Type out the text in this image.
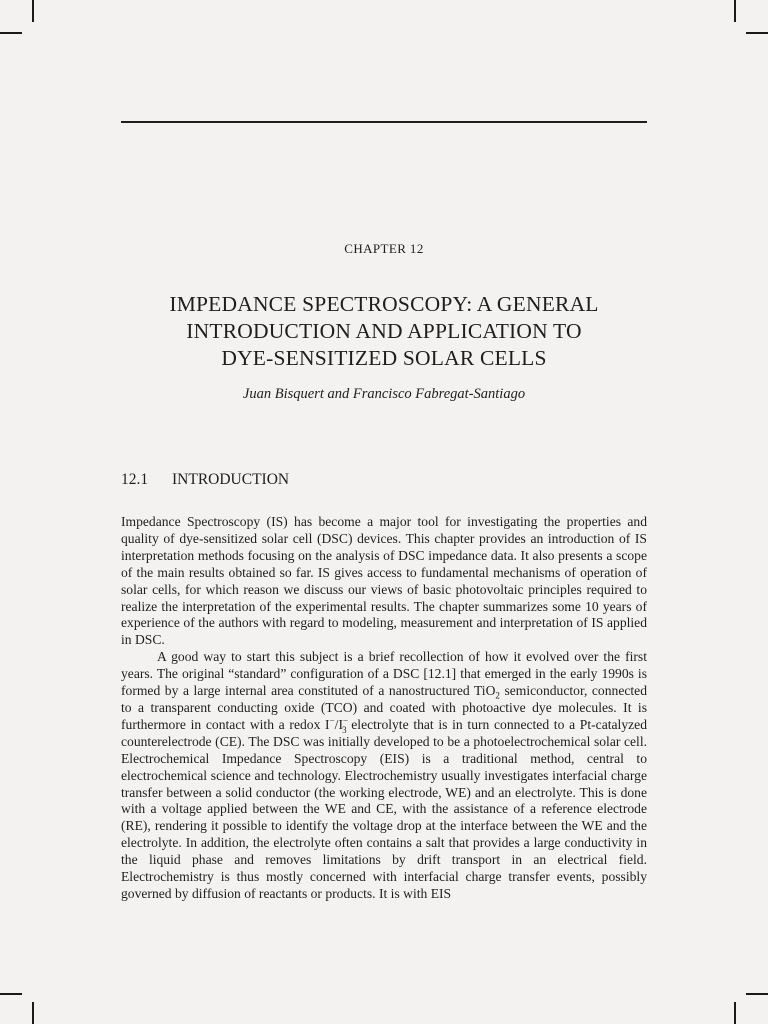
CHAPTER 12
IMPEDANCE SPECTROSCOPY: A GENERAL
INTRODUCTION AND APPLICATION TO
DYE-SENSITIZED SOLAR CELLS
Juan Bisquert and Francisco Fabregat-Santiago
12.1 INTRODUCTION

Impedance Spectroscopy (IS) has become a major tool for investigating the properties and quality of dye-sensitized solar cell (DSC) devices. This chapter provides an introduction of IS interpretation methods focusing on the analysis of DSC impedance data. It also presents a scope of the main results obtained so far. IS gives access to fundamental mechanisms of operation of solar cells, for which reason we discuss our views of basic photovoltaic principles required to realize the interpretation of the experimental results. The chapter summarizes some 10 years of experience of the authors with regard to modeling, measurement and interpretation of IS applied in DSC.

A good way to start this subject is a brief recollection of how it evolved over the first years. The original “standard” configuration of a DSC [12.1] that emerged in the early 1990s is formed by a large internal area constituted of a nanostructured TiO$_2$ semiconductor, connected to a transparent conducting oxide (TCO) and coated with photoactive dye molecules. It is furthermore in contact with a redox $I^-/I^-_3$ electrolyte that is in turn connected to a Pt-catalyzed counterelectrode (CE). The DSC was initially developed to be a photoelectrochemical solar cell. Electrochemical Impedance Spectroscopy (EIS) is a traditional method, central to electrochemical science and technology. Electrochemistry usually investigates interfacial charge transfer between a solid conductor (the working electrode, WE) and an electrolyte. This is done with a voltage applied between the WE and CE, with the assistance of a reference electrode (RE), rendering it possible to identify the voltage drop at the interface between the WE and the electrolyte. In addition, the electrolyte often contains a salt that provides a large conductivity in the liquid phase and removes limitations by drift transport in an electrical field. Electrochemistry is thus mostly concerned with interfacial charge transfer events, possibly governed by diffusion of reactants or products. It is with EIS
